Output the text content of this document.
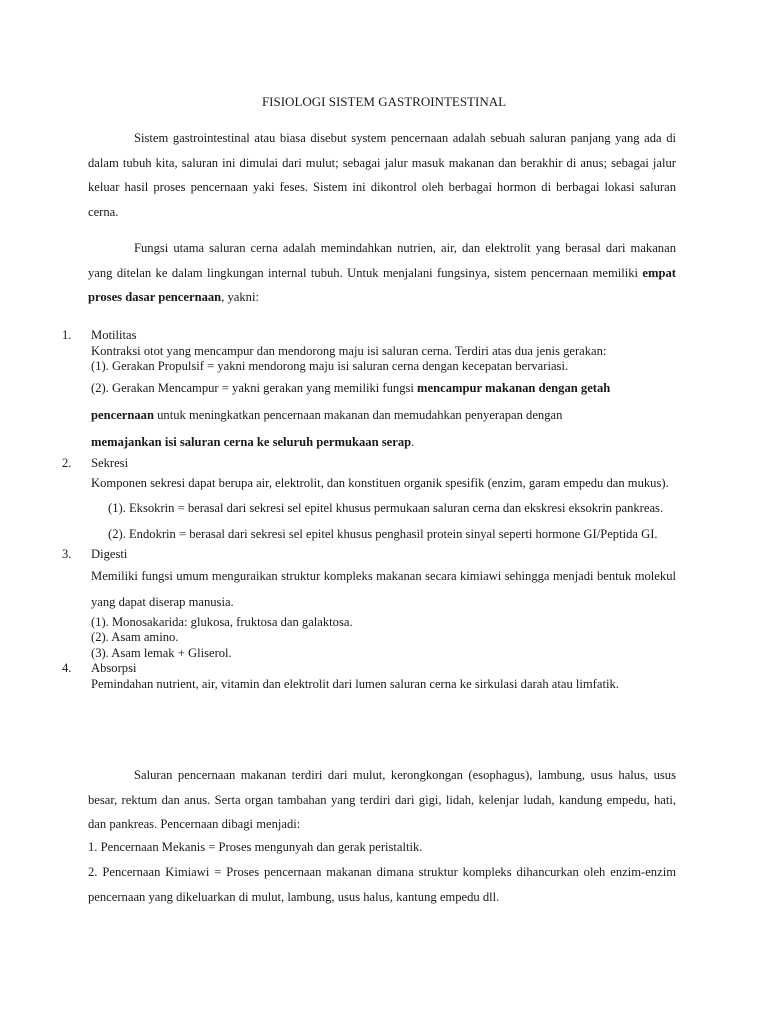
FISIOLOGI SISTEM GASTROINTESTINAL
Sistem gastrointestinal atau biasa disebut system pencernaan adalah sebuah saluran panjang yang ada di dalam tubuh kita, saluran ini dimulai dari mulut; sebagai jalur masuk makanan dan berakhir di anus; sebagai jalur keluar hasil proses pencernaan yaki feses. Sistem ini dikontrol oleh berbagai hormon di berbagai lokasi saluran cerna.
Fungsi utama saluran cerna adalah memindahkan nutrien, air, dan elektrolit yang berasal dari makanan yang ditelan ke dalam lingkungan internal tubuh. Untuk menjalani fungsinya, sistem pencernaan memiliki empat proses dasar pencernaan, yakni:
1. Motilitas
Kontraksi otot yang mencampur dan mendorong maju isi saluran cerna. Terdiri atas dua jenis gerakan:
(1). Gerakan Propulsif = yakni mendorong maju isi saluran cerna dengan kecepatan bervariasi.
(2). Gerakan Mencampur = yakni gerakan yang memiliki fungsi mencampur makanan dengan getah
pencernaan untuk meningkatkan pencernaan makanan dan memudahkan penyerapan dengan
memajankan isi saluran cerna ke seluruh permukaan serap.
2. Sekresi
Komponen sekresi dapat berupa air, elektrolit, dan konstituen organik spesifik (enzim, garam empedu dan mukus).
(1). Eksokrin = berasal dari sekresi sel epitel khusus permukaan saluran cerna dan ekskresi eksokrin pankreas.
(2). Endokrin = berasal dari sekresi sel epitel khusus penghasil protein sinyal seperti hormone GI/Peptida GI.
3. Digesti
Memiliki fungsi umum menguraikan struktur kompleks makanan secara kimiawi sehingga menjadi bentuk molekul yang dapat diserap manusia.
(1). Monosakarida: glukosa, fruktosa dan galaktosa.
(2). Asam amino.
(3). Asam lemak + Gliserol.
4. Absorpsi
Pemindahan nutrient, air, vitamin dan elektrolit dari lumen saluran cerna ke sirkulasi darah atau limfatik.
Saluran pencernaan makanan terdiri dari mulut, kerongkongan (esophagus), lambung, usus halus, usus besar, rektum dan anus. Serta organ tambahan yang terdiri dari gigi, lidah, kelenjar ludah, kandung empedu, hati, dan pankreas. Pencernaan dibagi menjadi:
1. Pencernaan Mekanis = Proses mengunyah dan gerak peristaltik.
2. Pencernaan Kimiawi = Proses pencernaan makanan dimana struktur kompleks dihancurkan oleh enzim-enzim pencernaan yang dikeluarkan di mulut, lambung, usus halus, kantung empedu dll.
